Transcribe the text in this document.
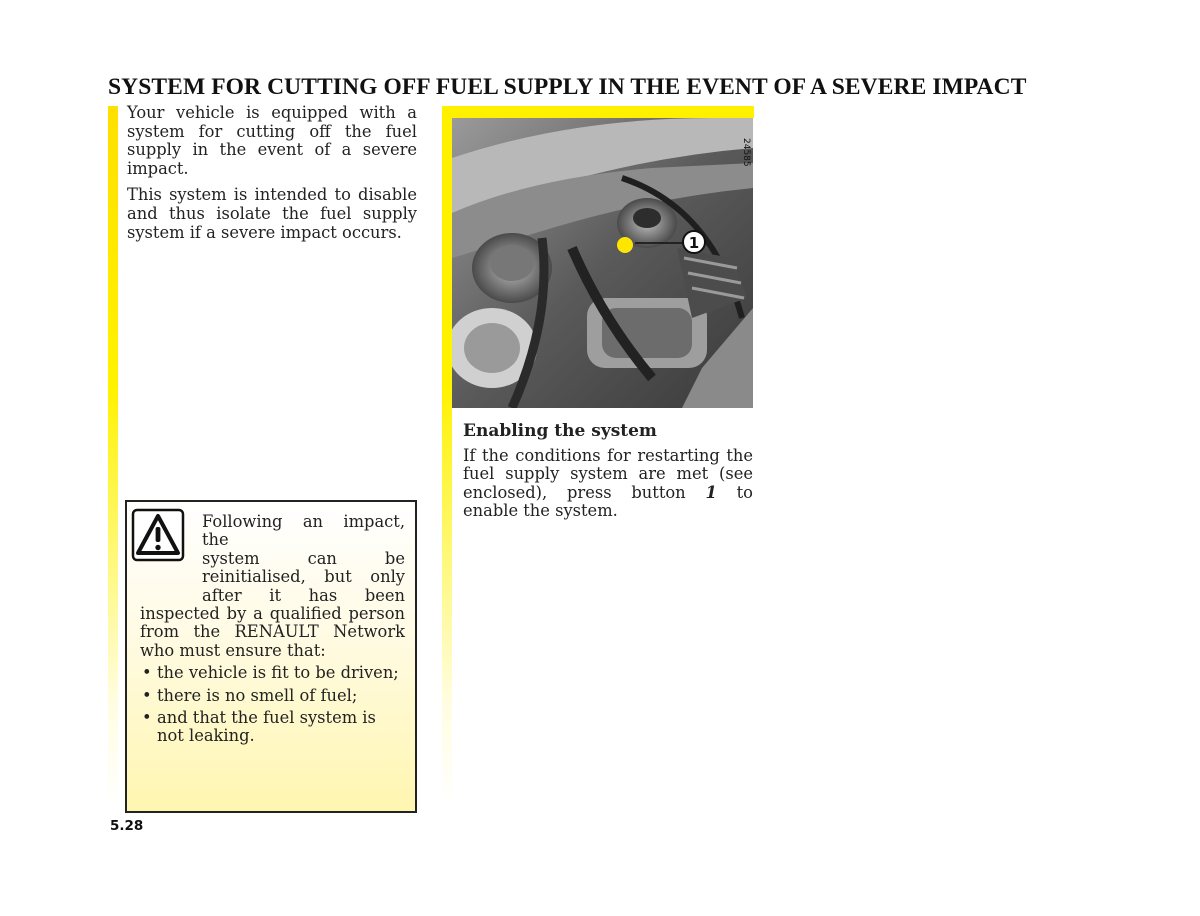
SYSTEM FOR CUTTING OFF FUEL SUPPLY IN THE EVENT OF A SEVERE IMPACT

Your vehicle is equipped with a system for cutting off the fuel supply in the event of a severe impact.

This system is intended to disable and thus isolate the fuel supply system if a severe impact occurs.

1
24585
Enabling the system

If the conditions for restarting the fuel supply system are met (see enclosed), press button 1 to enable the system.

Following an impact, the
system can be
reinitialised, but only
after it has been
inspected by a qualified person from the RENAULT Network who must ensure that:
• the vehicle is fit to be driven;
• there is no smell of fuel;
• and that the fuel system is not leaking.
5.28
